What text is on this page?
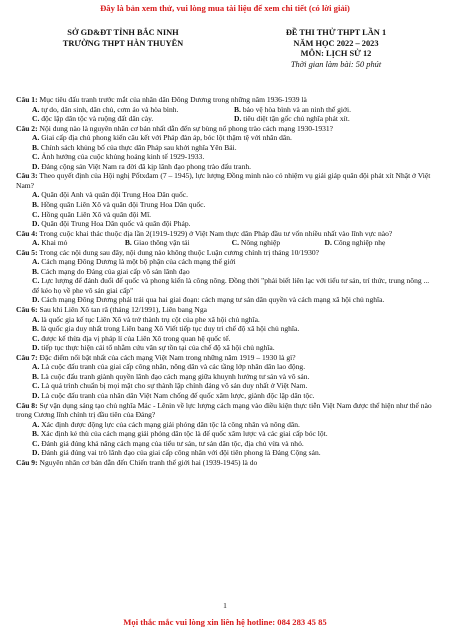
Đây là bản xem thử, vui lòng mua tài liệu để xem chi tiết (có lời giải)
SỞ GD&ĐT TỈNH BẮC NINH
TRƯỜNG THPT HÀN THUYÊN
ĐỀ THI THỬ THPT LẦN 1
NĂM HỌC 2022 – 2023
MÔN: LỊCH SỬ 12
Thời gian làm bài: 50 phút

Câu 1: Mục tiêu đấu tranh trước mắt của nhân dân Đông Dương trong những năm 1936-1939 là

A. tự do, dân sinh, dân chủ, cơm áo và hòa bình.	B. bảo vệ hòa bình và an ninh thế giới.
C. độc lập dân tộc và ruộng đất dân cày.	D. tiêu diệt tận gốc chủ nghĩa phát xít.

Câu 2: Nội dung nào là nguyên nhân cơ bản nhất dẫn đến sự bùng nổ phong trào cách mạng 1930-1931?

A. Giai cấp địa chủ phong kiến câu kết với Pháp đàn áp, bóc lột thậm tệ với nhân dân.
B. Chính sách khủng bố của thực dân Pháp sau khởi nghĩa Yên Bái.
C. Ảnh hưởng của cuộc khủng hoảng kinh tế 1929-1933.
D. Đảng cộng sản Việt Nam ra đời đã kịp lãnh đạo phong trào đấu tranh.

Câu 3: Theo quyết định của Hội nghị Pốtxđam (7 – 1945), lực lượng Đồng minh nào có nhiệm vụ giải giáp quân đội phát xít Nhật ở Việt Nam?

A. Quân đội Anh và quân đội Trung Hoa Dân quốc.
B. Hồng quân Liên Xô và quân đội Trung Hoa Dân quốc.
C. Hồng quân Liên Xô và quân đội Mĩ.
D. Quân đội Trung Hoa Dân quốc và quân đội Pháp.

Câu 4: Trong cuộc khai thác thuộc địa lần 2(1919-1929) ở Việt Nam thực dân Pháp đầu tư vốn nhiều nhất vào lĩnh vực nào?

A. Khai mỏ	B. Giao thông vận tải	C. Nông nghiệp	D. Công nghiệp nhẹ

Câu 5: Trong các nội dung sau đây, nội dung nào không thuộc Luận cương chính trị tháng 10/1930?

A. Cách mạng Đông Dương là một bộ phận của cách mạng thế giới
B. Cách mạng do Đảng của giai cấp vô sản lãnh đạo
C. Lực lượng để đánh đuổi đế quốc và phong kiến là công nông. Đồng thời "phải biết liên lạc với tiểu tư sản, trí thức, trung nông ... để kéo họ về phe vô sản giai cấp"
D. Cách mạng Đông Dương phải trải qua hai giai đoạn: cách mạng tư sản dân quyền và cách mạng xã hội chủ nghĩa.

Câu 6: Sau khi Liên Xô tan rã (tháng 12/1991), Liên bang Nga

A. là quốc gia kế tục Liên Xô và trở thành trụ cột của phe xã hội chủ nghĩa.
B. là quốc gia duy nhất trong Liên bang Xô Viết tiếp tục duy trì chế độ xã hội chủ nghĩa.
C. được kế thừa địa vị pháp lí của Liên Xô trong quan hệ quốc tế.
D. tiếp tục thực hiện cải tổ nhằm cứu vãn sự tồn tại của chế độ xã hội chủ nghĩa.

Câu 7: Đặc điểm nổi bật nhất của cách mạng Việt Nam trong những năm 1919 – 1930 là gì?

A. Là cuộc đấu tranh của giai cấp công nhân, nông dân và các tầng lớp nhân dân lao động.
B. Là cuộc đấu tranh giành quyền lãnh đạo cách mạng giữa khuynh hướng tư sản và vô sản.
C. Là quá trình chuẩn bị mọi mặt cho sự thành lập chính đảng vô sản duy nhất ở Việt Nam.
D. Là cuộc đấu tranh của nhân dân Việt Nam chống đế quốc xâm lược, giành độc lập dân tộc.

Câu 8: Sự vận dụng sáng tạo chủ nghĩa Mác - Lênin về lực lượng cách mạng vào điều kiện thực tiễn Việt Nam được thể hiện như thế nào trong Cương lĩnh chính trị đầu tiên của Đảng?

A. Xác định được động lực của cách mạng giải phóng dân tộc là công nhân và nông dân.
B. Xác định kẻ thù của cách mạng giải phóng dân tộc là đế quốc xâm lược và các giai cấp bóc lột.
C. Đánh giá đúng khả năng cách mạng của tiểu tư sản, tư sản dân tộc, địa chủ vừa và nhỏ.
D. Đánh giá đúng vai trò lãnh đạo của giai cấp công nhân với đội tiên phong là Đảng Cộng sản.

Câu 9: Nguyên nhân cơ bản dẫn đến Chiến tranh thế giới hai (1939-1945) là do

1
Mọi thắc mắc vui lòng xin liên hệ hotline: 084 283 45 85
